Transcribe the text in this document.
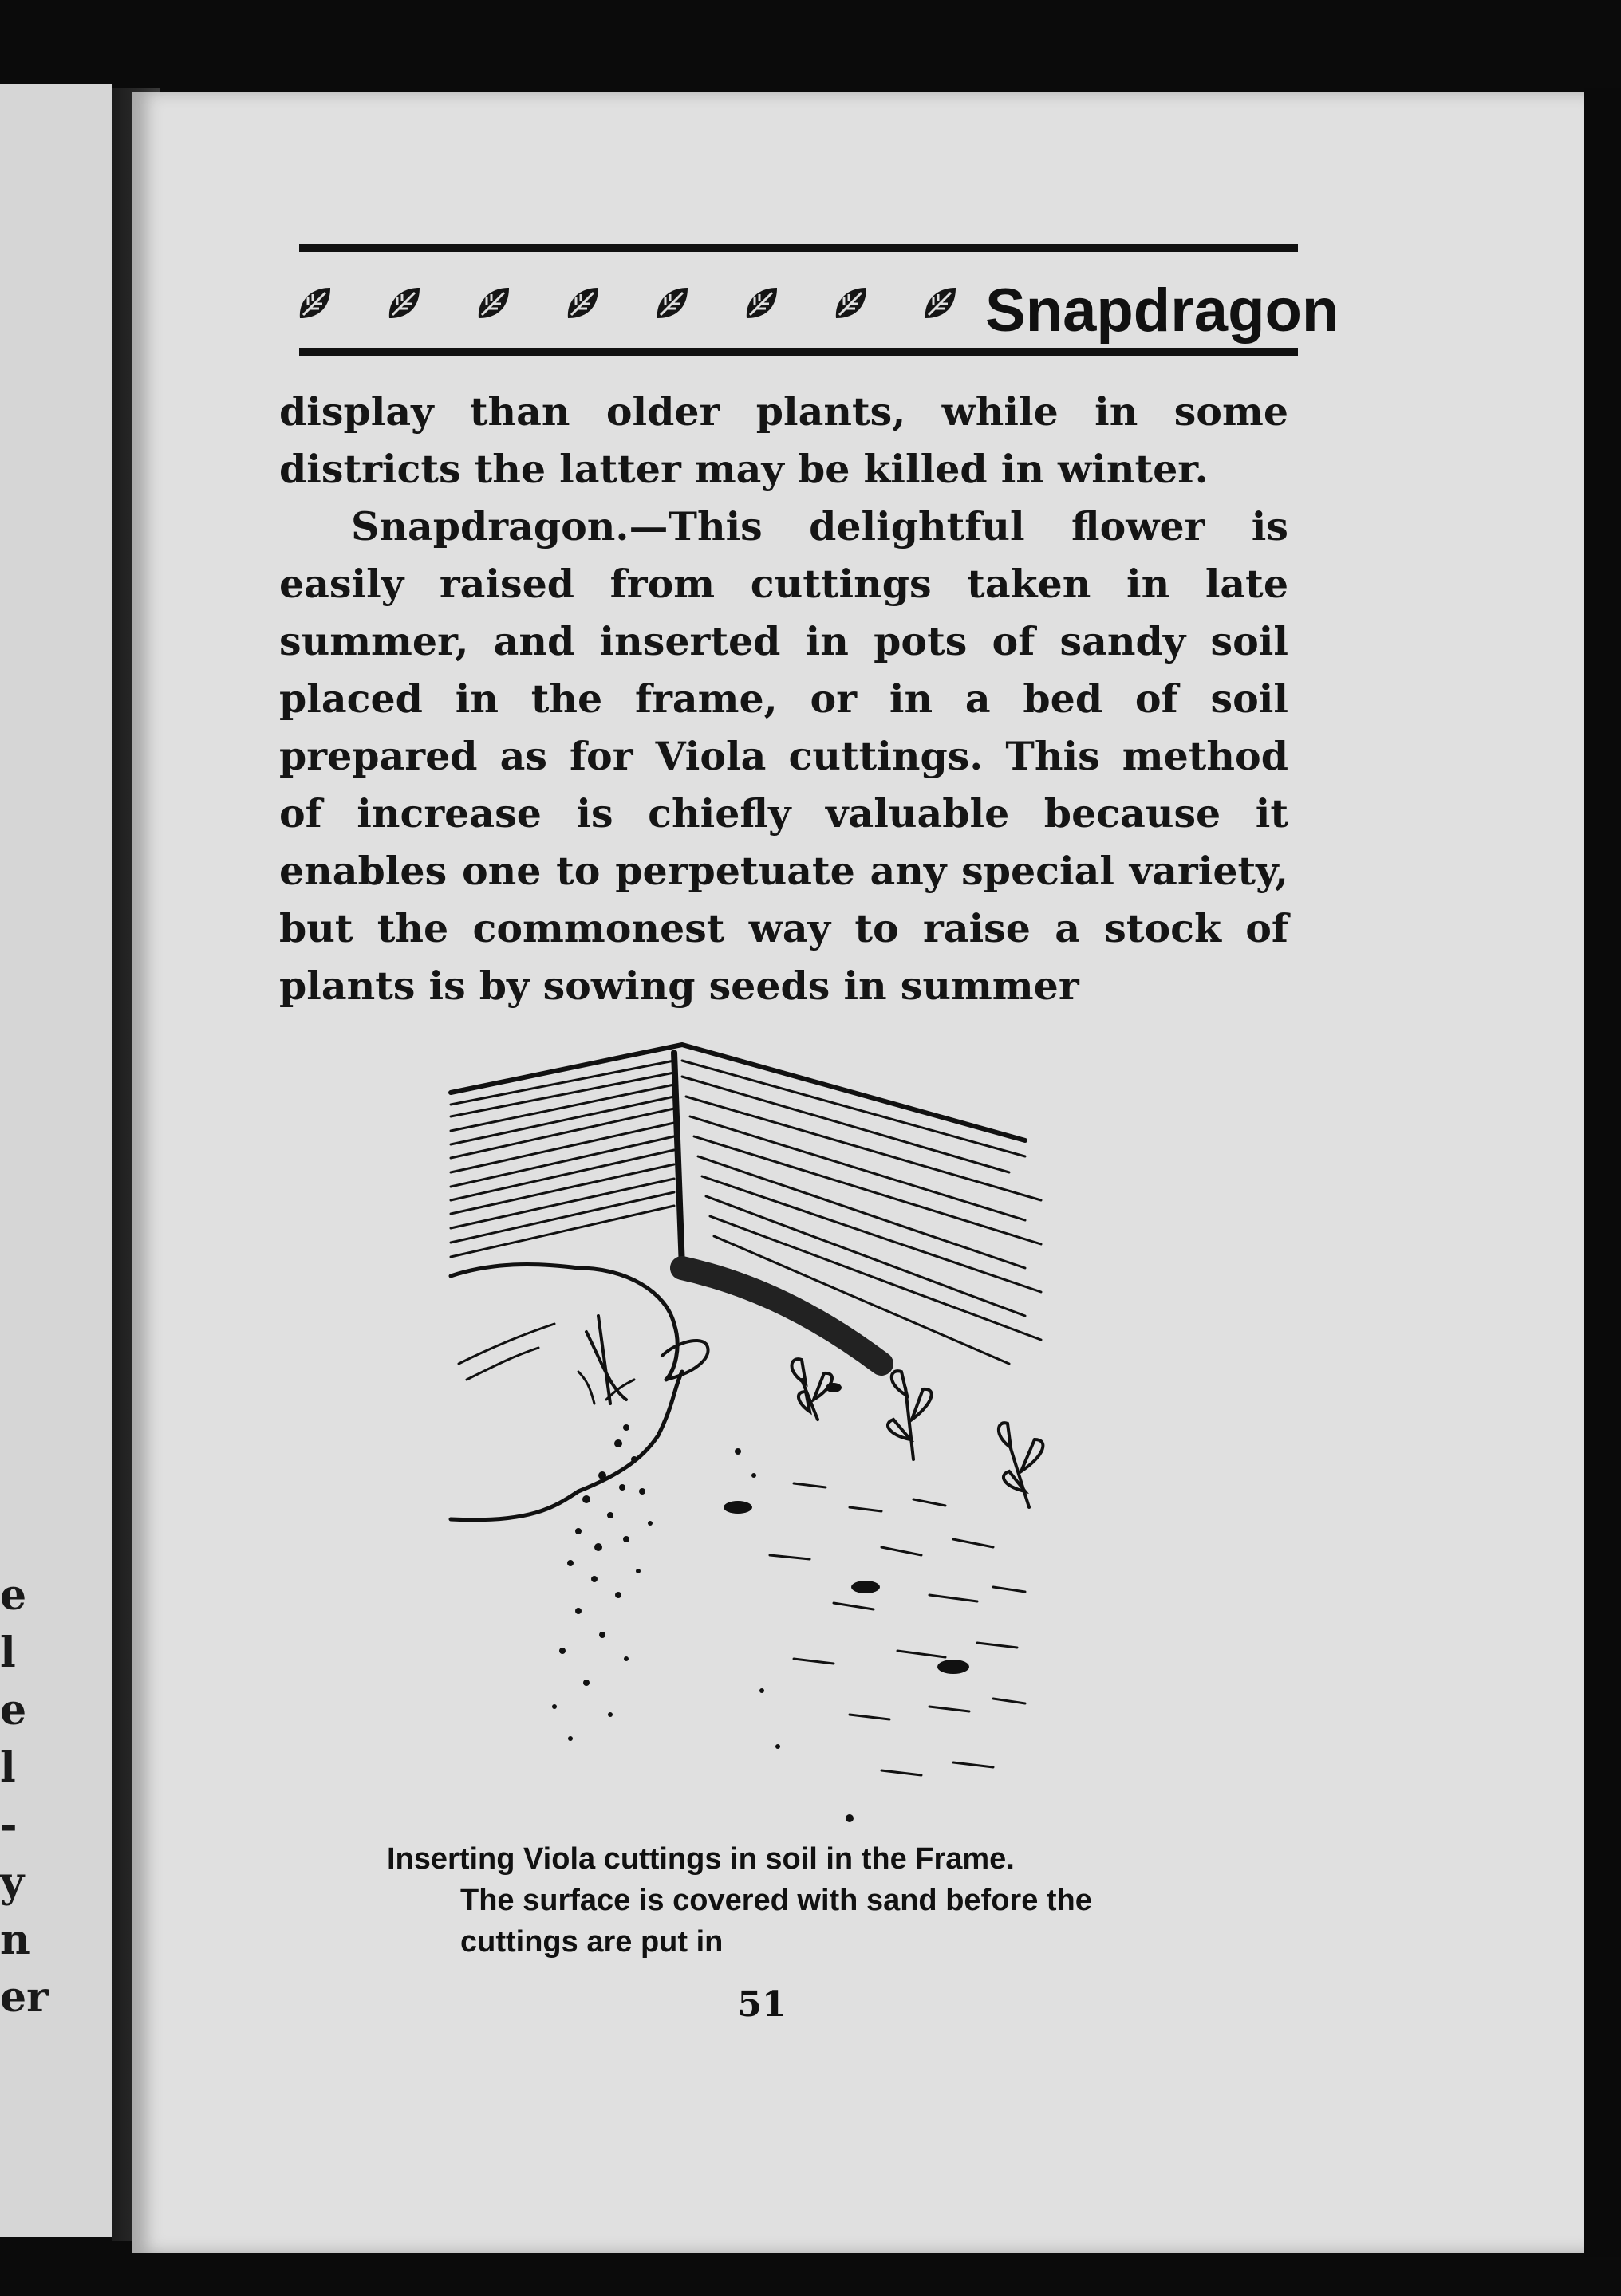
e
l
e
l
-
y
n
er
Snapdragon

display than older plants, while in some districts the latter may be killed in winter.

Snapdragon.—This delightful flower is easily raised from cuttings taken in late summer, and inserted in pots of sandy soil placed in the frame, or in a bed of soil prepared as for Viola cuttings. This method of increase is chiefly valuable because it enables one to perpetuate any special variety, but the commonest way to raise a stock of plants is by sowing seeds in summer

Inserting Viola cuttings in soil in the Frame.
The surface is covered with sand before the cuttings are put in
51
